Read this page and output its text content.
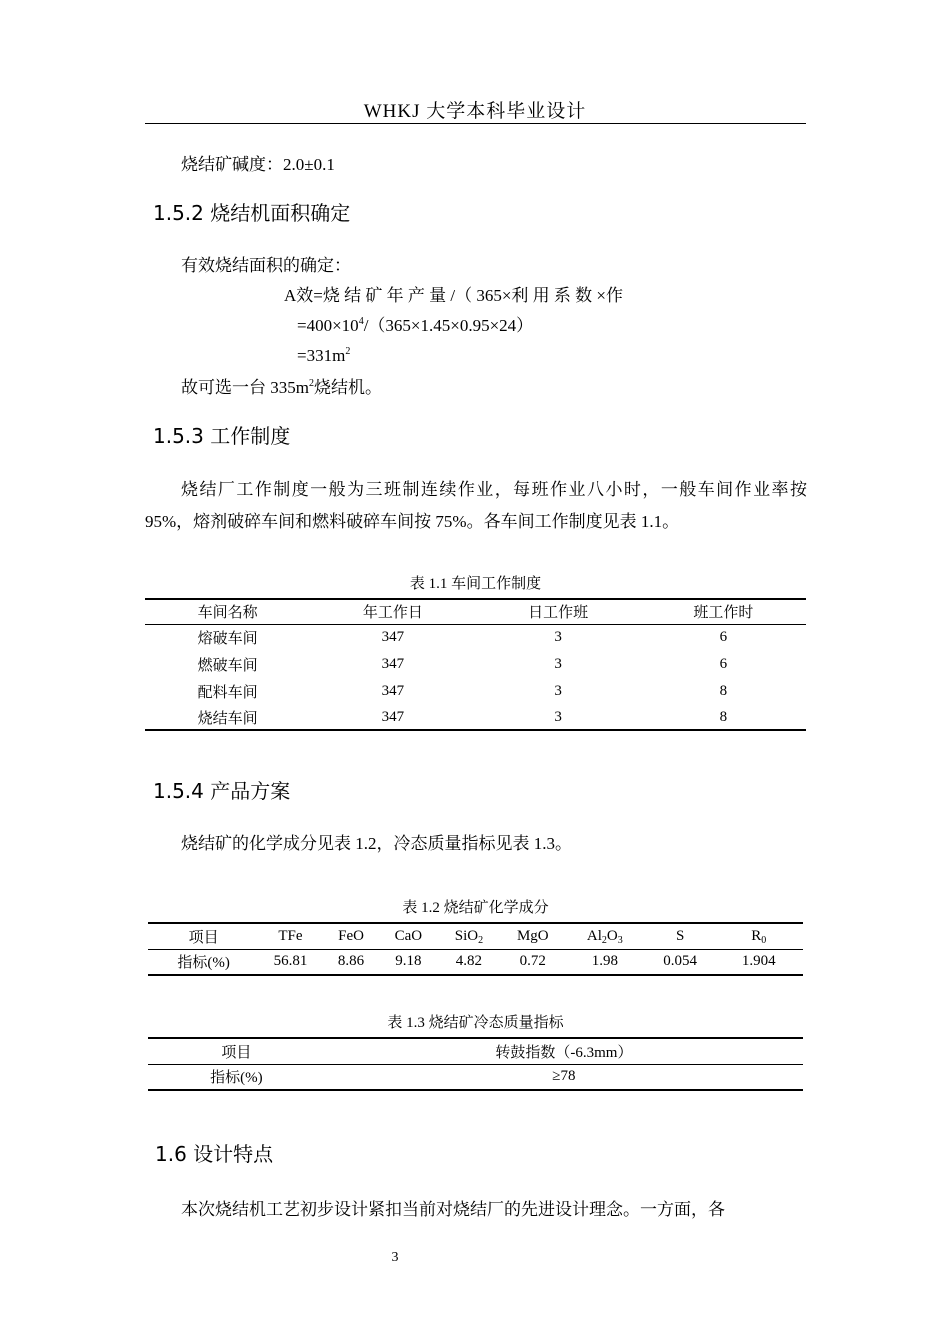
WHKJ 大学本科毕业设计
烧结矿碱度：2.0±0.1
1.5.2 烧结机面积确定
有效烧结面积的确定：
A效=烧 结 矿 年 产 量 /（ 365×利 用 系 数 ×作
$=400\times 10^4/(365\times 1.45\times 0.95\times 24)$
$=331m^2$
故可选一台 $335m^2$烧结机。
1.5.3 工作制度
烧结厂工作制度一般为三班制连续作业，每班作业八小时，一般车间作业率按 95%，熔剂破碎车间和燃料破碎车间按 75%。各车间工作制度见表 1.1。
表 1.1 车间工作制度
车间名称	年工作日	日工作班	班工作时
熔破车间	347	3	6
燃破车间	347	3	6
配料车间	347	3	8
烧结车间	347	3	8
1.5.4 产品方案
烧结矿的化学成分见表 1.2，冷态质量指标见表 1.3。
表 1.2 烧结矿化学成分
项目	TFe	FeO	CaO	SiO$_2$	MgO	$Al_2O_3$	S	$R_0$
指标(%)	56.81	8.86	9.18	4.82	0.72	1.98	0.054	1.904
表 1.3 烧结矿冷态质量指标
项目	转鼓指数（-6.3mm）
指标(%)	≥78
1.6 设计特点
本次烧结机工艺初步设计紧扣当前对烧结厂的先进设计理念。一方面，各
3
